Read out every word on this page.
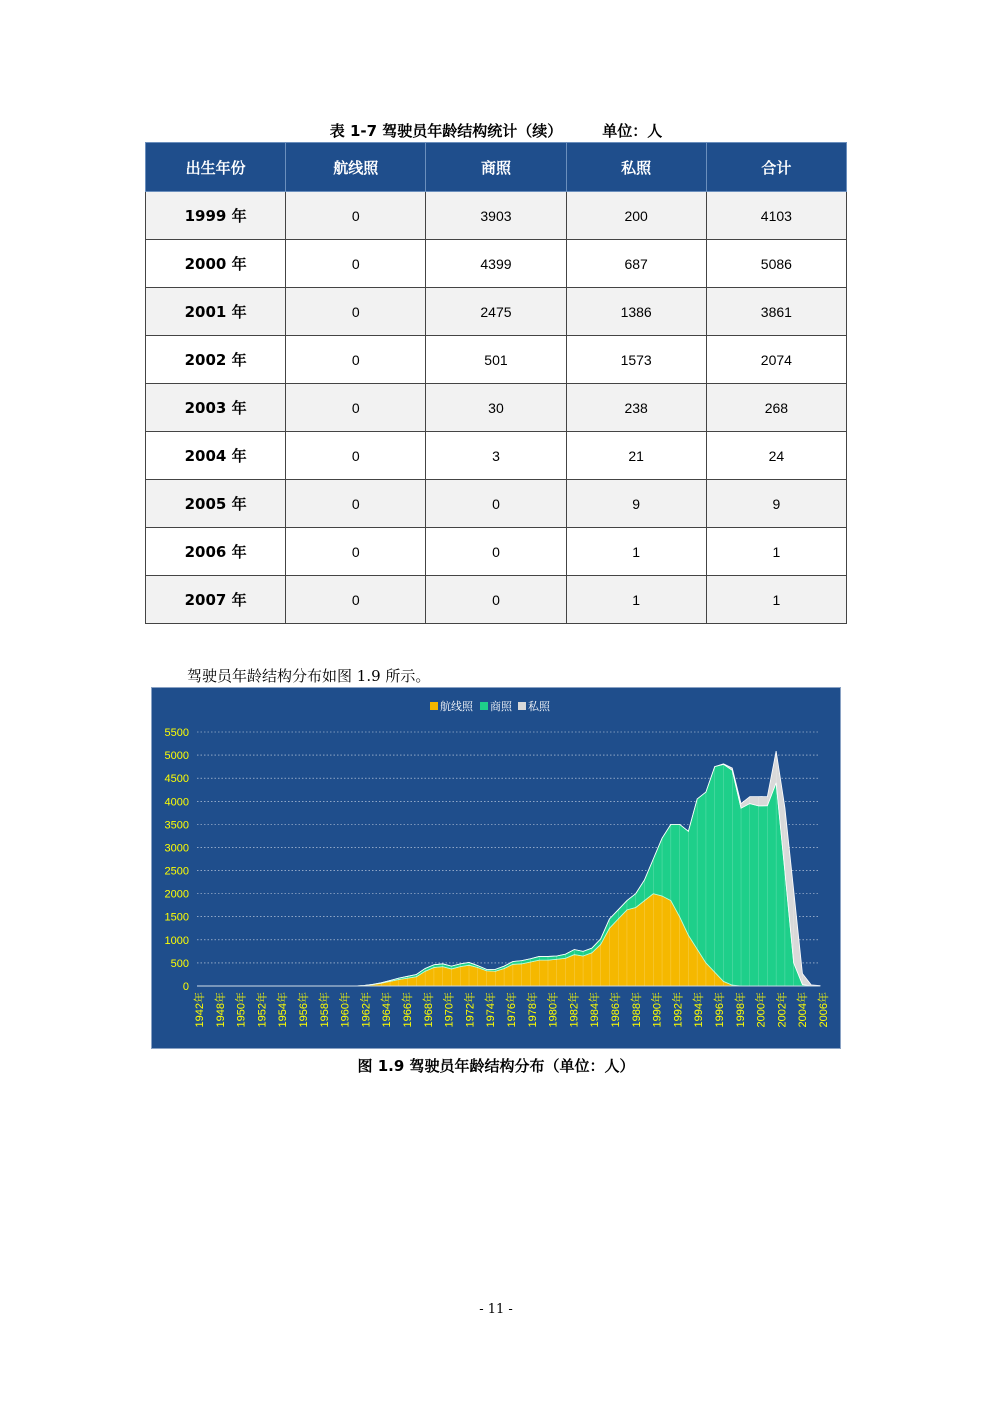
表 1-7 驾驶员年龄结构统计（续）	单位：人
出生年份	航线照	商照	私照	合计
1999 年	0	3903	200	4103
2000 年	0	4399	687	5086
2001 年	0	2475	1386	3861
2002 年	0	501	1573	2074
2003 年	0	30	238	268
2004 年	0	3	21	24
2005 年	0	0	9	9
2006 年	0	0	1	1
2007 年	0	0	1	1
驾驶员年龄结构分布如图 1.9 所示。
0
500
1000
1500
2000
2500
3000
3500
4000
4500
5000
5500
1942年 1948年 1950年 1952年 1954年 1956年 1958年 1960年 1962年 1964年 1966年 1968年 1970年 1972年 1974年 1976年 1978年 1980年 1982年 1984年 1986年 1988年 1990年 1992年 1994年 1996年 1998年 2000年 2002年 2004年 2006年
航线照 商照 私照
图 1.9 驾驶员年龄结构分布（单位：人）
- 11 -
